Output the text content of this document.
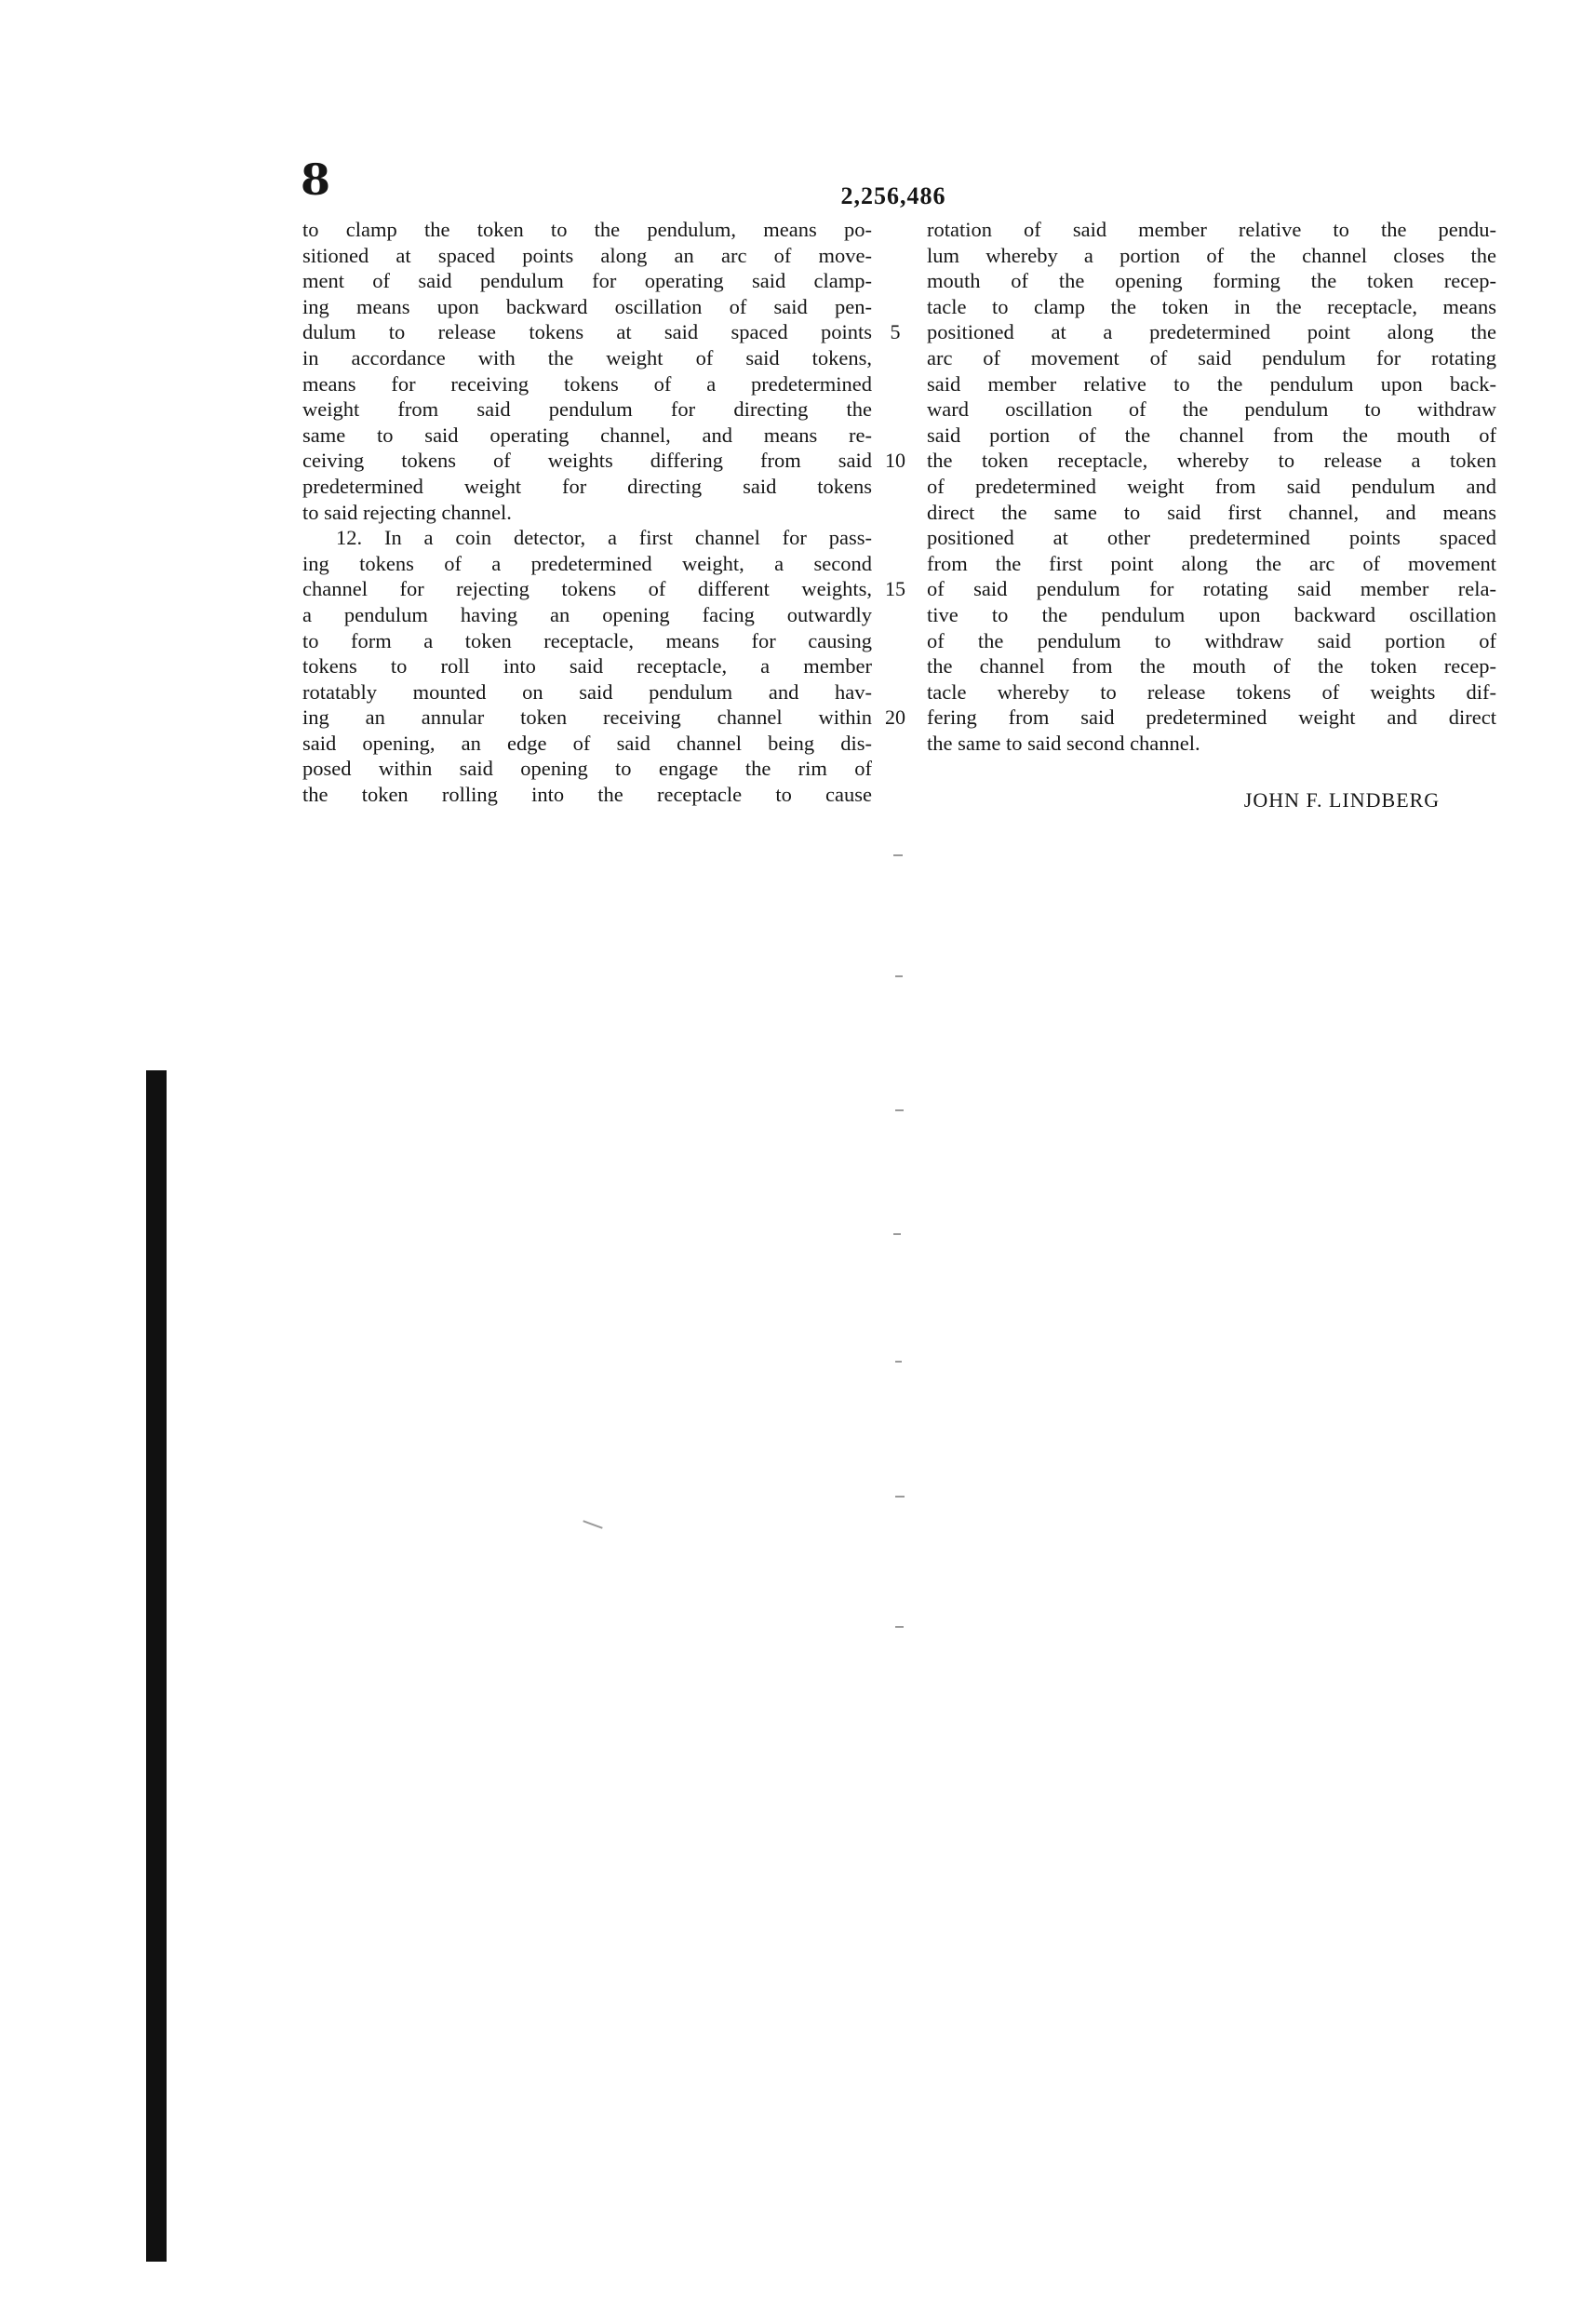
8	2,256,486
to clamp the token to the pendulum, means po-
sitioned at spaced points along an arc of move-
ment of said pendulum for operating said clamp-
ing means upon backward oscillation of said pen-
dulum to release tokens at said spaced points
in accordance with the weight of said tokens,
means for receiving tokens of a predetermined
weight from said pendulum for directing the
same to said operating channel, and means re-
ceiving tokens of weights differing from said
predetermined weight for directing said tokens
to said rejecting channel.
12. In a coin detector, a first channel for pass-
ing tokens of a predetermined weight, a second
channel for rejecting tokens of different weights,
a pendulum having an opening facing outwardly
to form a token receptacle, means for causing
tokens to roll into said receptacle, a member
rotatably mounted on said pendulum and hav-
ing an annular token receiving channel within
said opening, an edge of said channel being dis-
posed within said opening to engage the rim of
the token rolling into the receptacle to cause
5
10
15
20
rotation of said member relative to the pendu-
lum whereby a portion of the channel closes the
mouth of the opening forming the token recep-
tacle to clamp the token in the receptacle, means
positioned at a predetermined point along the
arc of movement of said pendulum for rotating
said member relative to the pendulum upon back-
ward oscillation of the pendulum to withdraw
said portion of the channel from the mouth of
the token receptacle, whereby to release a token
of predetermined weight from said pendulum and
direct the same to said first channel, and means
positioned at other predetermined points spaced
from the first point along the arc of movement
of said pendulum for rotating said member rela-
tive to the pendulum upon backward oscillation
of the pendulum to withdraw said portion of
the channel from the mouth of the token recep-
tacle whereby to release tokens of weights dif-
fering from said predetermined weight and direct
the same to said second channel.
JOHN F. LINDBERG
